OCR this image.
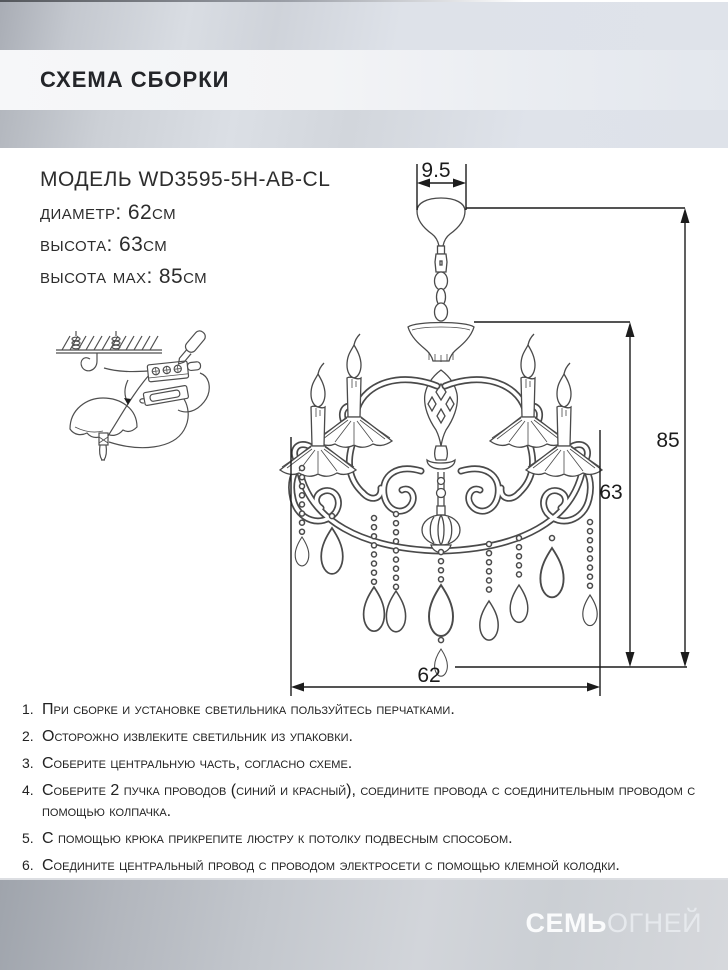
СХЕМА СБОРКИ
МОДЕЛЬ WD3595-5H-AB-CL
диаметр: 62см
высота: 63см
высота max: 85см
9.5
85
63
62
1. При сборке и установке светильника пользуйтесь перчатками.
2. Осторожно извлеките светильник из упаковки.
3. Соберите центральную часть, согласно схеме.
4. Соберите 2 пучка проводов (синий и красный), соедините провода с соединительным проводом с помощью колпачка.
5. С помощью крюка прикрепите люстру к потолку подвесным способом.
6. Соедините центральный провод с проводом электросети с помощью клемной колодки.
СЕМЬОГНЕЙ
